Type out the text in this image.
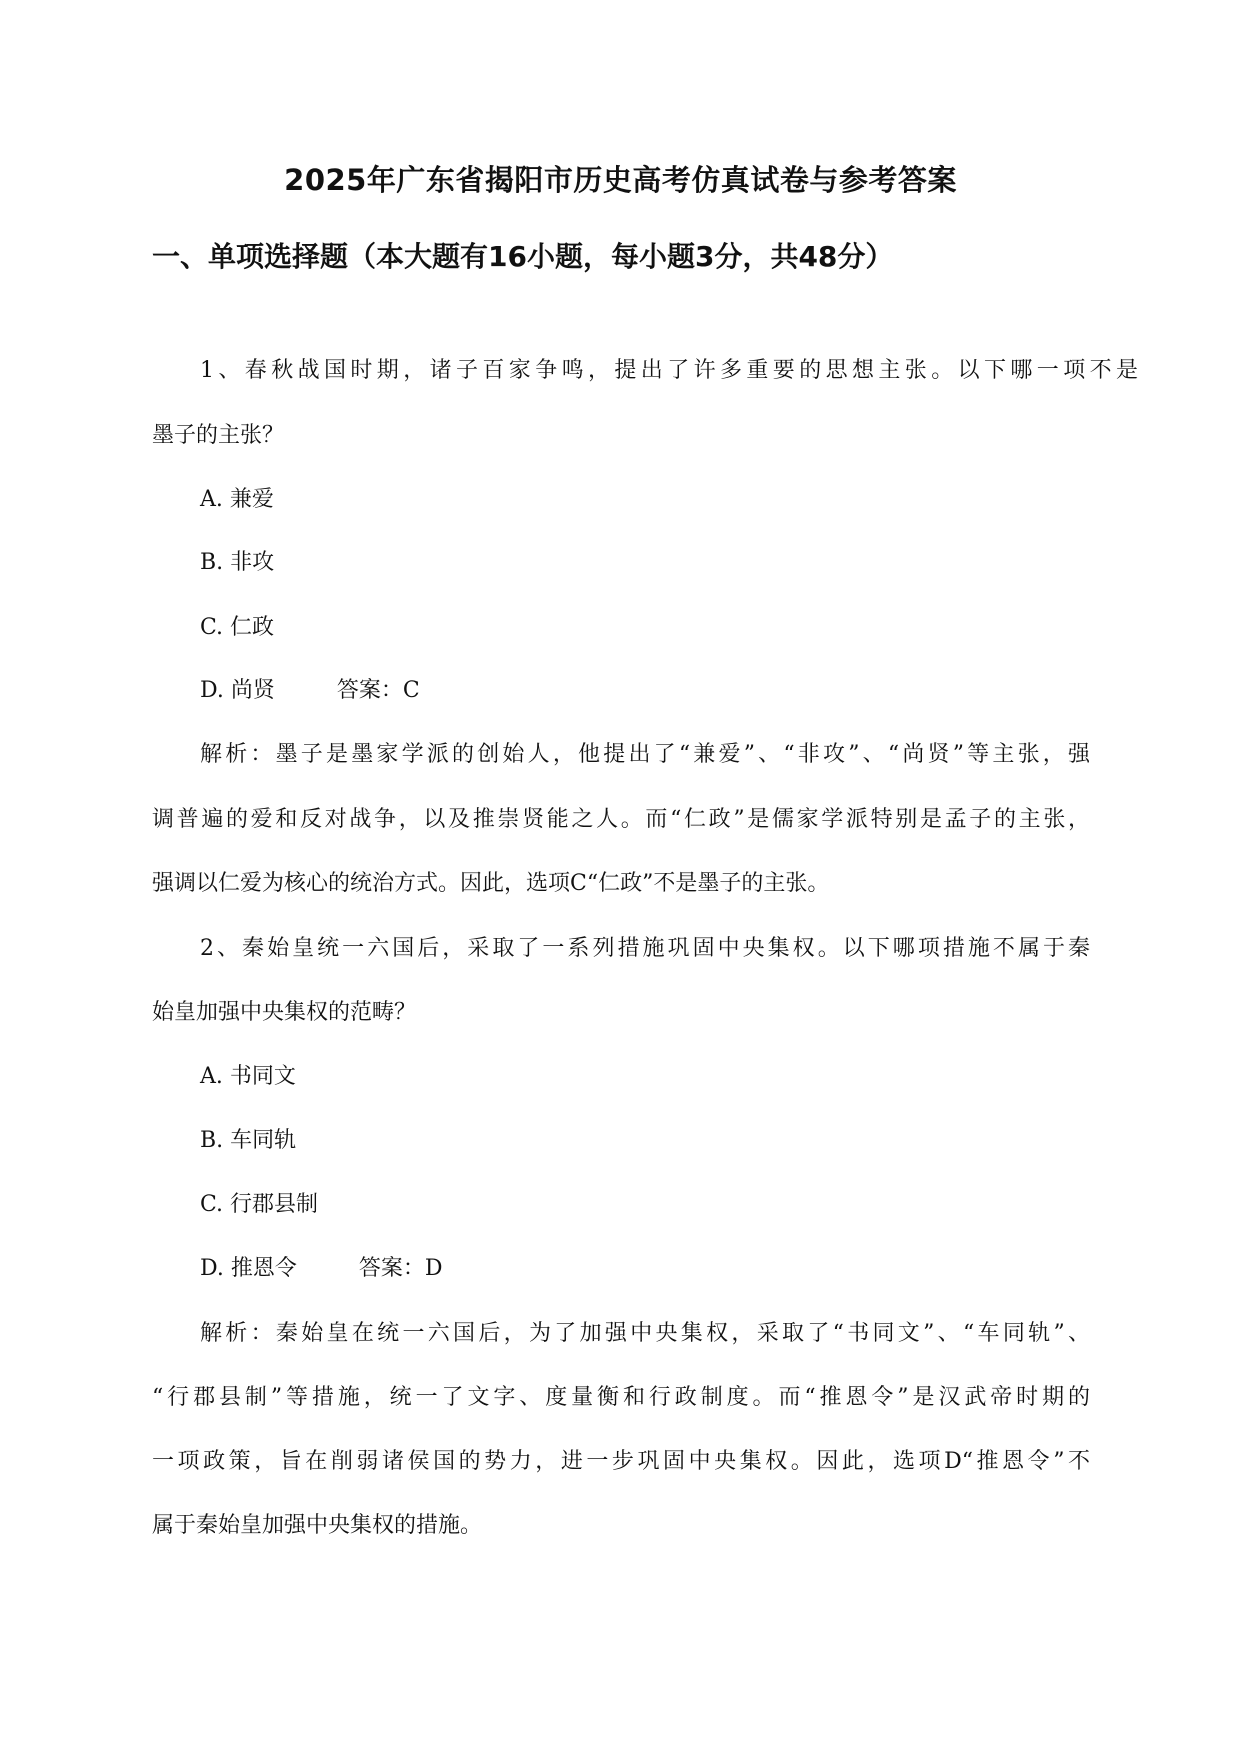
2025年广东省揭阳市历史高考仿真试卷与参考答案
一、单项选择题（本大题有16小题，每小题3分，共48分）
1、春秋战国时期，诸子百家争鸣，提出了许多重要的思想主张。以下哪一项不是
墨子的主张？
A. 兼爱
B. 非攻
C. 仁政
D. 尚贤	答案：C
解析：墨子是墨家学派的创始人，他提出了“兼爱”、“非攻”、“尚贤”等主张，强
调普遍的爱和反对战争，以及推崇贤能之人。而“仁政”是儒家学派特别是孟子的主张，
强调以仁爱为核心的统治方式。因此，选项C“仁政”不是墨子的主张。
2、秦始皇统一六国后，采取了一系列措施巩固中央集权。以下哪项措施不属于秦
始皇加强中央集权的范畴？
A. 书同文
B. 车同轨
C. 行郡县制
D. 推恩令	答案：D
解析：秦始皇在统一六国后，为了加强中央集权，采取了“书同文”、“车同轨”、
“行郡县制”等措施，统一了文字、度量衡和行政制度。而“推恩令”是汉武帝时期的
一项政策，旨在削弱诸侯国的势力，进一步巩固中央集权。因此，选项D“推恩令”不
属于秦始皇加强中央集权的措施。
